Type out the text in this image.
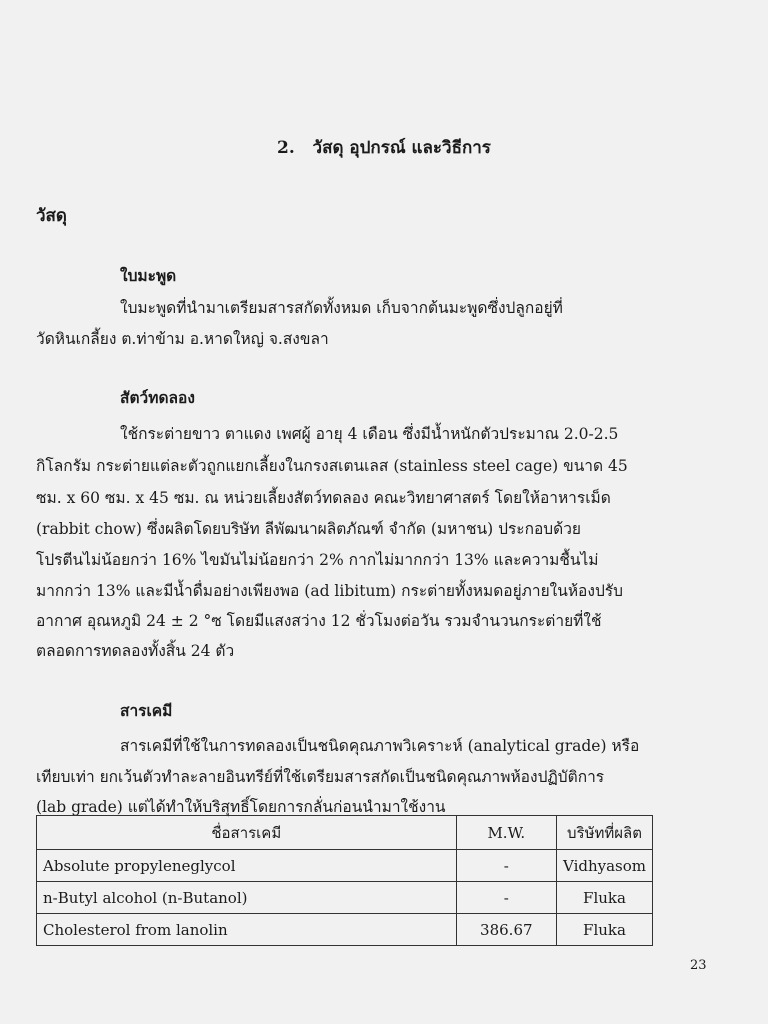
2. วัสดุ อุปกรณ์ และวิธีการ
วัสดุ
ใบมะพูด
ใบมะพูดที่นำมาเตรียมสารสกัดทั้งหมด เก็บจากต้นมะพูดซึ่งปลูกอยู่ที่
วัดหินเกลี้ยง ต.ท่าข้าม อ.หาดใหญ่ จ.สงขลา
สัตว์ทดลอง
ใช้กระต่ายขาว ตาแดง เพศผู้ อายุ 4 เดือน ซึ่งมีน้ำหนักตัวประมาณ 2.0-2.5
กิโลกรัม กระต่ายแต่ละตัวถูกแยกเลี้ยงในกรงสเตนเลส (stainless steel cage) ขนาด 45
ซม. x 60 ซม. x 45 ซม. ณ หน่วยเลี้ยงสัตว์ทดลอง คณะวิทยาศาสตร์ โดยให้อาหารเม็ด
(rabbit chow) ซึ่งผลิตโดยบริษัท ลีพัฒนาผลิตภัณฑ์ จำกัด (มหาชน) ประกอบด้วย
โปรตีนไม่น้อยกว่า 16% ไขมันไม่น้อยกว่า 2% กากไม่มากกว่า 13% และความชื้นไม่
มากกว่า 13% และมีน้ำดื่มอย่างเพียงพอ (ad libitum) กระต่ายทั้งหมดอยู่ภายในห้องปรับ
อากาศ อุณหภูมิ 24 ± 2 °ซ โดยมีแสงสว่าง 12 ชั่วโมงต่อวัน รวมจำนวนกระต่ายที่ใช้
ตลอดการทดลองทั้งสิ้น 24 ตัว
สารเคมี
สารเคมีที่ใช้ในการทดลองเป็นชนิดคุณภาพวิเคราะห์ (analytical grade) หรือ
เทียบเท่า ยกเว้นตัวทำละลายอินทรีย์ที่ใช้เตรียมสารสกัดเป็นชนิดคุณภาพห้องปฏิบัติการ
(lab grade) แต่ได้ทำให้บริสุทธิ์โดยการกลั่นก่อนนำมาใช้งาน
ชื่อสารเคมี	M.W.	บริษัทที่ผลิต
Absolute propyleneglycol	-	Vidhyasom
n-Butyl alcohol (n-Butanol)	-	Fluka
Cholesterol from lanolin	386.67	Fluka
23
